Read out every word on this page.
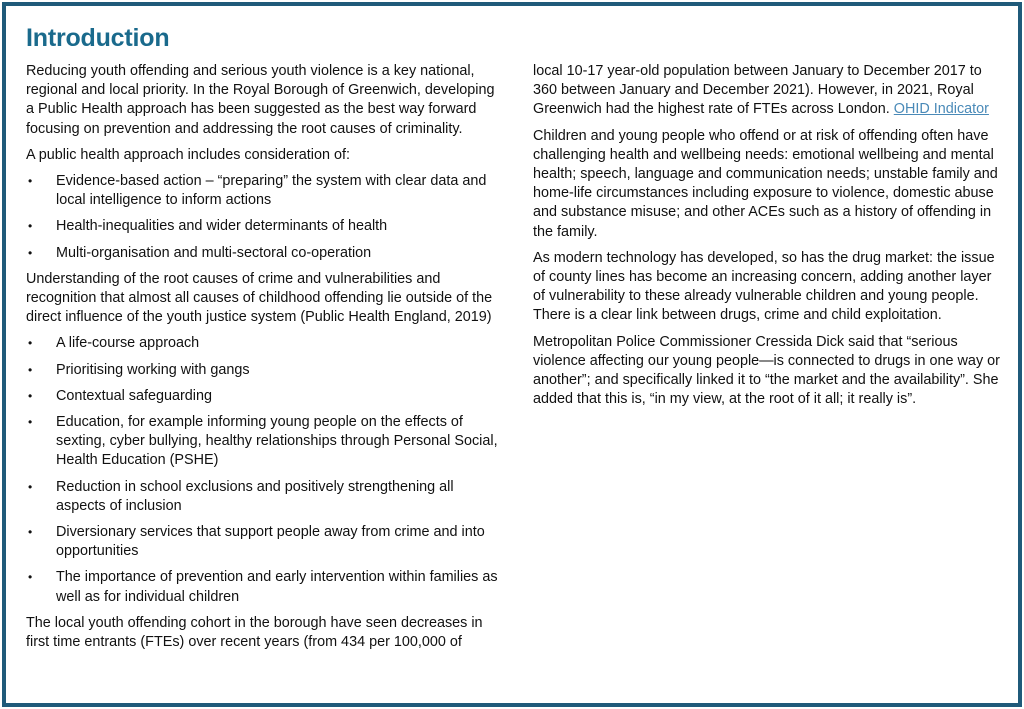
Introduction

Reducing youth offending and serious youth violence is a key national, regional and local priority. In the Royal Borough of Greenwich, developing a Public Health approach has been suggested as the best way forward focusing on prevention and addressing the root causes of criminality.

A public health approach includes consideration of:

• Evidence-based action – “preparing” the system with clear data and local intelligence to inform actions
• Health-inequalities and wider determinants of health
• Multi-organisation and multi-sectoral co-operation

Understanding of the root causes of crime and vulnerabilities and recognition that almost all causes of childhood offending lie outside of the direct influence of the youth justice system (Public Health England, 2019)

• A life-course approach
• Prioritising working with gangs
• Contextual safeguarding
• Education, for example informing young people on the effects of sexting, cyber bullying, healthy relationships through Personal Social, Health Education (PSHE)
• Reduction in school exclusions and positively strengthening all aspects of inclusion
• Diversionary services that support people away from crime and into opportunities
• The importance of prevention and early intervention within families as well as for individual children

The local youth offending cohort in the borough have seen decreases in first time entrants (FTEs) over recent years (from 434 per 100,000 of

local 10-17 year-old population between January to December 2017 to 360 between January and December 2021). However, in 2021, Royal Greenwich had the highest rate of FTEs across London. OHID Indicator

Children and young people who offend or at risk of offending often have challenging health and wellbeing needs: emotional wellbeing and mental health; speech, language and communication needs; unstable family and home-life circumstances including exposure to violence, domestic abuse and substance misuse; and other ACEs such as a history of offending in the family.

As modern technology has developed, so has the drug market: the issue of county lines has become an increasing concern, adding another layer of vulnerability to these already vulnerable children and young people. There is a clear link between drugs, crime and child exploitation.

Metropolitan Police Commissioner Cressida Dick said that “serious violence affecting our young people—is connected to drugs in one way or another”; and specifically linked it to “the market and the availability”. She added that this is, “in my view, at the root of it all; it really is”.
